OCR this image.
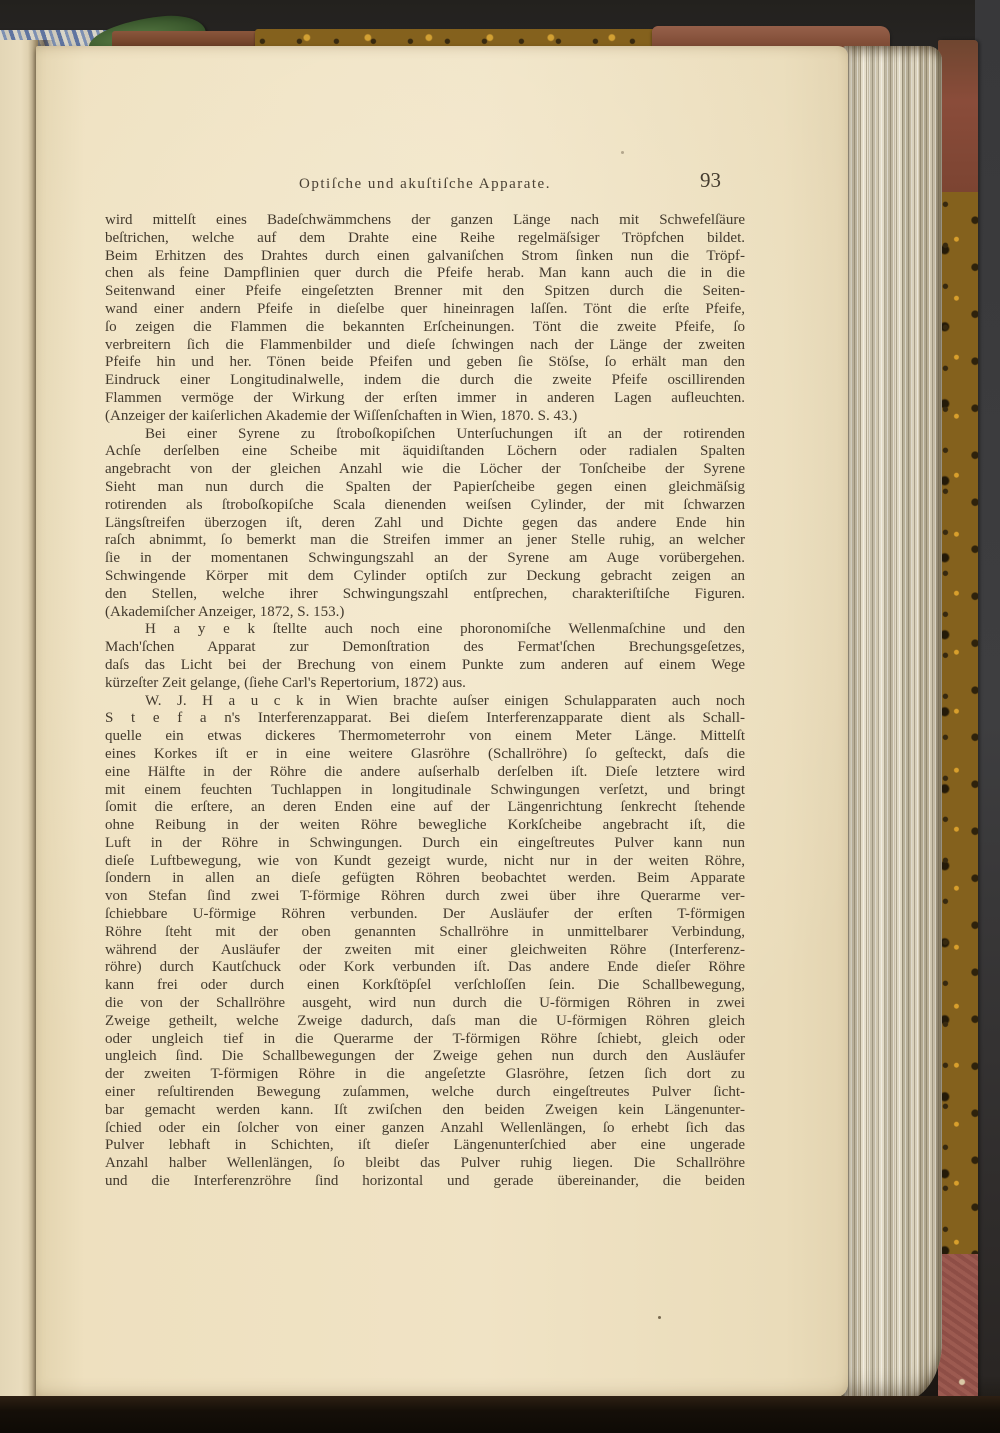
Optiſche und akuſtiſche Apparate.	93
wird mittelſt eines Badeſchwämmchens der ganzen Länge nach mit Schwefelſäure
beſtrichen, welche auf dem Drahte eine Reihe regelmäſsiger Tröpfchen bildet.
Beim Erhitzen des Drahtes durch einen galvaniſchen Strom ſinken nun die Tröpf-
chen als feine Dampflinien quer durch die Pfeife herab. Man kann auch die in die
Seitenwand einer Pfeife eingeſetzten Brenner mit den Spitzen durch die Seiten-
wand einer andern Pfeife in dieſelbe quer hineinragen laſſen. Tönt die erſte Pfeife,
ſo zeigen die Flammen die bekannten Erſcheinungen. Tönt die zweite Pfeife, ſo
verbreitern ſich die Flammenbilder und dieſe ſchwingen nach der Länge der zweiten
Pfeife hin und her. Tönen beide Pfeifen und geben ſie Stöſse, ſo erhält man den
Eindruck einer Longitudinalwelle, indem die durch die zweite Pfeife oscillirenden
Flammen vermöge der Wirkung der erſten immer in anderen Lagen aufleuchten.
(Anzeiger der kaiſerlichen Akademie der Wiſſenſchaften in Wien, 1870. S. 43.)
Bei einer Syrene zu ſtroboſkopiſchen Unterſuchungen iſt an der rotirenden
Achſe derſelben eine Scheibe mit äquidiſtanden Löchern oder radialen Spalten
angebracht von der gleichen Anzahl wie die Löcher der Tonſcheibe der Syrene
Sieht man nun durch die Spalten der Papierſcheibe gegen einen gleichmäſsig
rotirenden als ſtroboſkopiſche Scala dienenden weiſsen Cylinder, der mit ſchwarzen
Längsſtreifen überzogen iſt, deren Zahl und Dichte gegen das andere Ende hin
raſch abnimmt, ſo bemerkt man die Streifen immer an jener Stelle ruhig, an welcher
ſie in der momentanen Schwingungszahl an der Syrene am Auge vorübergehen.
Schwingende Körper mit dem Cylinder optiſch zur Deckung gebracht zeigen an
den Stellen, welche ihrer Schwingungszahl entſprechen, charakteriſtiſche Figuren.
(Akademiſcher Anzeiger, 1872, S. 153.)
H a y e k ſtellte auch noch eine phoronomiſche Wellenmaſchine und den
Mach'ſchen Apparat zur Demonſtration des Fermat'ſchen Brechungsgeſetzes,
daſs das Licht bei der Brechung von einem Punkte zum anderen auf einem Wege
kürzeſter Zeit gelange, (ſiehe Carl's Repertorium, 1872) aus.
W. J. H a u c k in Wien brachte auſser einigen Schulapparaten auch noch
S t e f a n's Interferenzapparat. Bei dieſem Interferenzapparate dient als Schall-
quelle ein etwas dickeres Thermometerrohr von einem Meter Länge. Mittelſt
eines Korkes iſt er in eine weitere Glasröhre (Schallröhre) ſo geſteckt, daſs die
eine Hälfte in der Röhre die andere auſserhalb derſelben iſt. Dieſe letztere wird
mit einem feuchten Tuchlappen in longitudinale Schwingungen verſetzt, und bringt
ſomit die erſtere, an deren Enden eine auf der Längenrichtung ſenkrecht ſtehende
ohne Reibung in der weiten Röhre bewegliche Korkſcheibe angebracht iſt, die
Luft in der Röhre in Schwingungen. Durch ein eingeſtreutes Pulver kann nun
dieſe Luftbewegung, wie von Kundt gezeigt wurde, nicht nur in der weiten Röhre,
ſondern in allen an dieſe gefügten Röhren beobachtet werden. Beim Apparate
von Stefan ſind zwei T-förmige Röhren durch zwei über ihre Querarme ver-
ſchiebbare U-förmige Röhren verbunden. Der Ausläufer der erſten T-förmigen
Röhre ſteht mit der oben genannten Schallröhre in unmittelbarer Verbindung,
während der Ausläufer der zweiten mit einer gleichweiten Röhre (Interferenz-
röhre) durch Kautſchuck oder Kork verbunden iſt. Das andere Ende dieſer Röhre
kann frei oder durch einen Korkſtöpſel verſchloſſen ſein. Die Schallbewegung,
die von der Schallröhre ausgeht, wird nun durch die U-förmigen Röhren in zwei
Zweige getheilt, welche Zweige dadurch, daſs man die U-förmigen Röhren gleich
oder ungleich tief in die Querarme der T-förmigen Röhre ſchiebt, gleich oder
ungleich ſind. Die Schallbewegungen der Zweige gehen nun durch den Ausläufer
der zweiten T-förmigen Röhre in die angeſetzte Glasröhre, ſetzen ſich dort zu
einer reſultirenden Bewegung zuſammen, welche durch eingeſtreutes Pulver ſicht-
bar gemacht werden kann. Iſt zwiſchen den beiden Zweigen kein Längenunter-
ſchied oder ein ſolcher von einer ganzen Anzahl Wellenlängen, ſo erhebt ſich das
Pulver lebhaft in Schichten, iſt dieſer Längenunterſchied aber eine ungerade
Anzahl halber Wellenlängen, ſo bleibt das Pulver ruhig liegen. Die Schallröhre
und die Interferenzröhre ſind horizontal und gerade übereinander, die beiden
